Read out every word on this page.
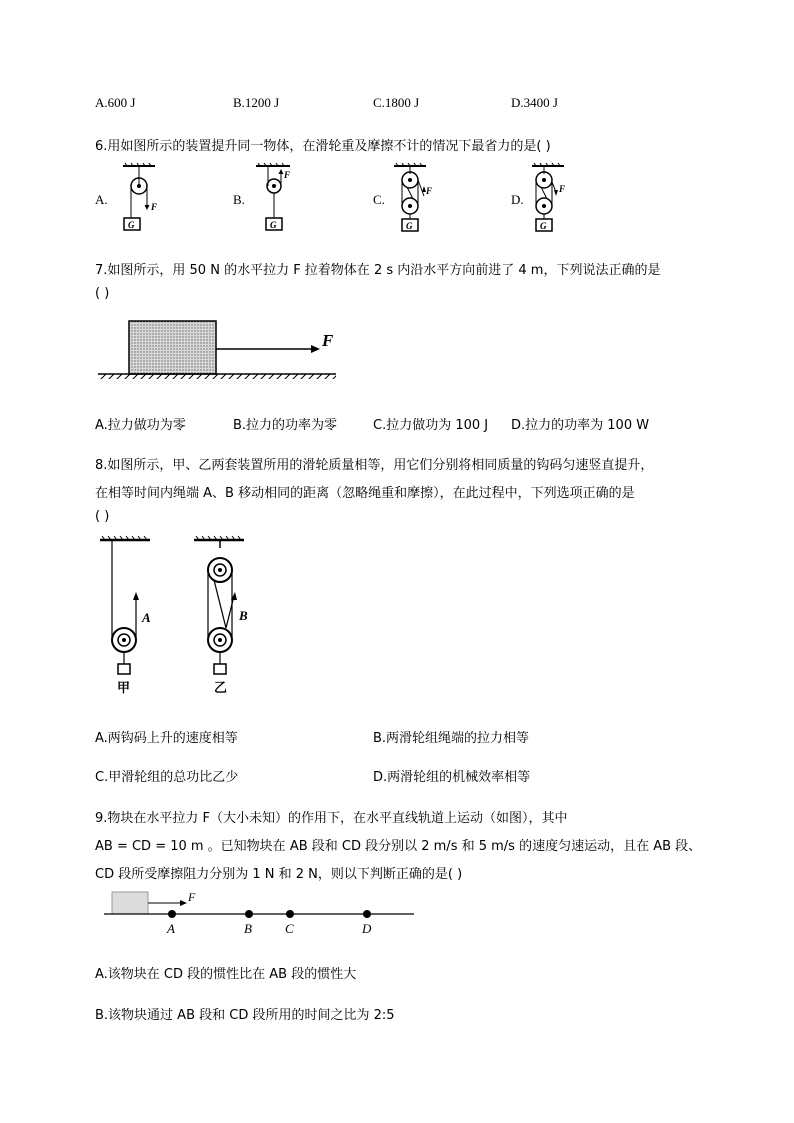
A.600 J	B.1200 J	C.1800 J	D.3400 J
6.用如图所示的装置提升同一物体，在滑轮重及摩擦不计的情况下最省力的是( )
A.	B.	C.	D.
F
G
F
G
F
G
F
G
7.如图所示，用 50 N 的水平拉力 F 拉着物体在 2 s 内沿水平方向前进了 4 m，下列说法正确的是
( )
F
A.拉力做功为零	B.拉力的功率为零	C.拉力做功为 100 J D.拉力的功率为 100 W
8.如图所示，甲、乙两套装置所用的滑轮质量相等，用它们分别将相同质量的钩码匀速竖直提升，
在相等时间内绳端 A、B 移动相同的距离（忽略绳重和摩擦），在此过程中，下列选项正确的是
( )
A
甲
B
乙
A.两钩码上升的速度相等	B.两滑轮组绳端的拉力相等
C.甲滑轮组的总功比乙少	D.两滑轮组的机械效率相等
9.物块在水平拉力 F（大小未知）的作用下，在水平直线轨道上运动（如图），其中
AB = CD = 10 m 。已知物块在 AB 段和 CD 段分别以 2 m/s 和 5 m/s 的速度匀速运动，且在 AB 段、
CD 段所受摩擦阻力分别为 1 N 和 2 N，则以下判断正确的是( )
F
A	B	C	D
A.该物块在 CD 段的惯性比在 AB 段的惯性大
B.该物块通过 AB 段和 CD 段所用的时间之比为 2:5
